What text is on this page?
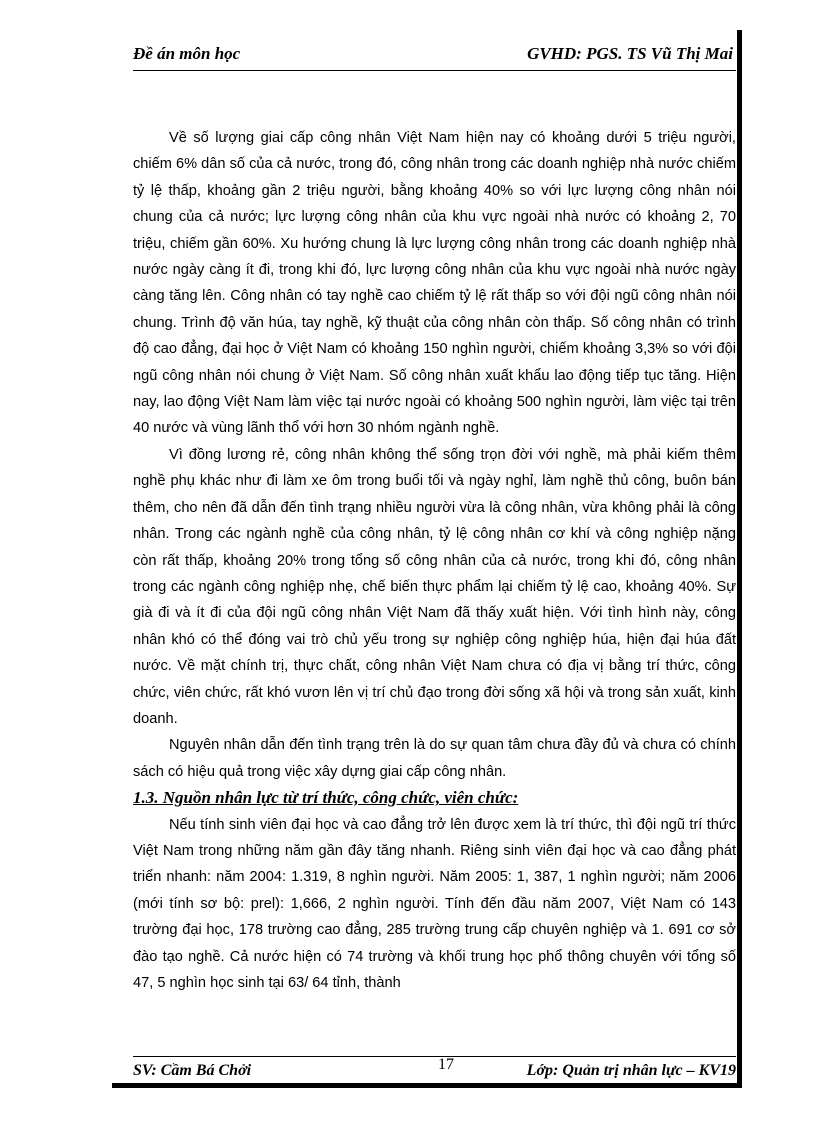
Đề án môn học	GVHD: PGS. TS Vũ Thị Mai

Về số lượng giai cấp công nhân Việt Nam hiện nay có khoảng dưới 5 triệu người, chiếm 6% dân số của cả nước, trong đó, công nhân trong các doanh nghiệp nhà nước chiếm tỷ lệ thấp, khoảng gần 2 triệu người, bằng khoảng 40% so với lực lượng công nhân nói chung của cả nước; lực lượng công nhân của khu vực ngoài nhà nước có khoảng 2, 70 triệu, chiếm gần 60%. Xu hướng chung là lực lượng công nhân trong các doanh nghiệp nhà nước ngày càng ít đi, trong khi đó, lực lượng công nhân của khu vực ngoài nhà nước ngày càng tăng lên. Công nhân có tay nghề cao chiếm tỷ lệ rất thấp so với đội ngũ công nhân nói chung. Trình độ văn húa, tay nghề, kỹ thuật của công nhân còn thấp. Số công nhân có trình độ cao đẳng, đại học ở Việt Nam có khoảng 150 nghìn người, chiếm khoảng 3,3% so với đội ngũ công nhân nói chung ở Việt Nam. Số công nhân xuất khẩu lao động tiếp tục tăng. Hiện nay, lao động Việt Nam làm việc tại nước ngoài có khoảng 500 nghìn người, làm việc tại trên 40 nước và vùng lãnh thổ với hơn 30 nhóm ngành nghề.

Vì đồng lương rẻ, công nhân không thể sống trọn đời với nghề, mà phải kiếm thêm nghề phụ khác như đi làm xe ôm trong buổi tối và ngày nghỉ, làm nghề thủ công, buôn bán thêm, cho nên đã dẫn đến tình trạng nhiều người vừa là công nhân, vừa không phải là công nhân. Trong các ngành nghề của công nhân, tỷ lệ công nhân cơ khí và công nghiệp nặng còn rất thấp, khoảng 20% trong tổng số công nhân của cả nước, trong khi đó, công nhân trong các ngành công nghiệp nhẹ, chế biến thực phẩm lại chiếm tỷ lệ cao, khoảng 40%. Sự già đi và ít đi của đội ngũ công nhân Việt Nam đã thấy xuất hiện. Với tình hình này, công nhân khó có thể đóng vai trò chủ yếu trong sự nghiệp công nghiệp húa, hiện đại húa đất nước. Về mặt chính trị, thực chất, công nhân Việt Nam chưa có địa vị bằng trí thức, công chức, viên chức, rất khó vươn lên vị trí chủ đạo trong đời sống xã hội và trong sản xuất, kinh doanh.

Nguyên nhân dẫn đến tình trạng trên là do sự quan tâm chưa đầy đủ và chưa có chính sách có hiệu quả trong việc xây dựng giai cấp công nhân.

1.3. Nguồn nhân lực từ trí thức, công chức, viên chức:

Nếu tính sinh viên đại học và cao đẳng trở lên được xem là trí thức, thì đội ngũ trí thức Việt Nam trong những năm gần đây tăng nhanh. Riêng sinh viên đại học và cao đẳng phát triển nhanh: năm 2004: 1.319, 8 nghìn người. Năm 2005: 1, 387, 1 nghìn người; năm 2006 (mới tính sơ bộ: prel): 1,666, 2 nghìn người. Tính đến đầu năm 2007, Việt Nam có 143 trường đại học, 178 trường cao đẳng, 285 trường trung cấp chuyên nghiệp và 1. 691 cơ sở đào tạo nghề. Cả nước hiện có 74 trường và khối trung học phổ thông chuyên với tổng số 47, 5 nghìn học sinh tại 63/ 64 tỉnh, thành

SV: Cầm Bá Chởi	17	Lớp: Quản trị nhân lực – KV19
